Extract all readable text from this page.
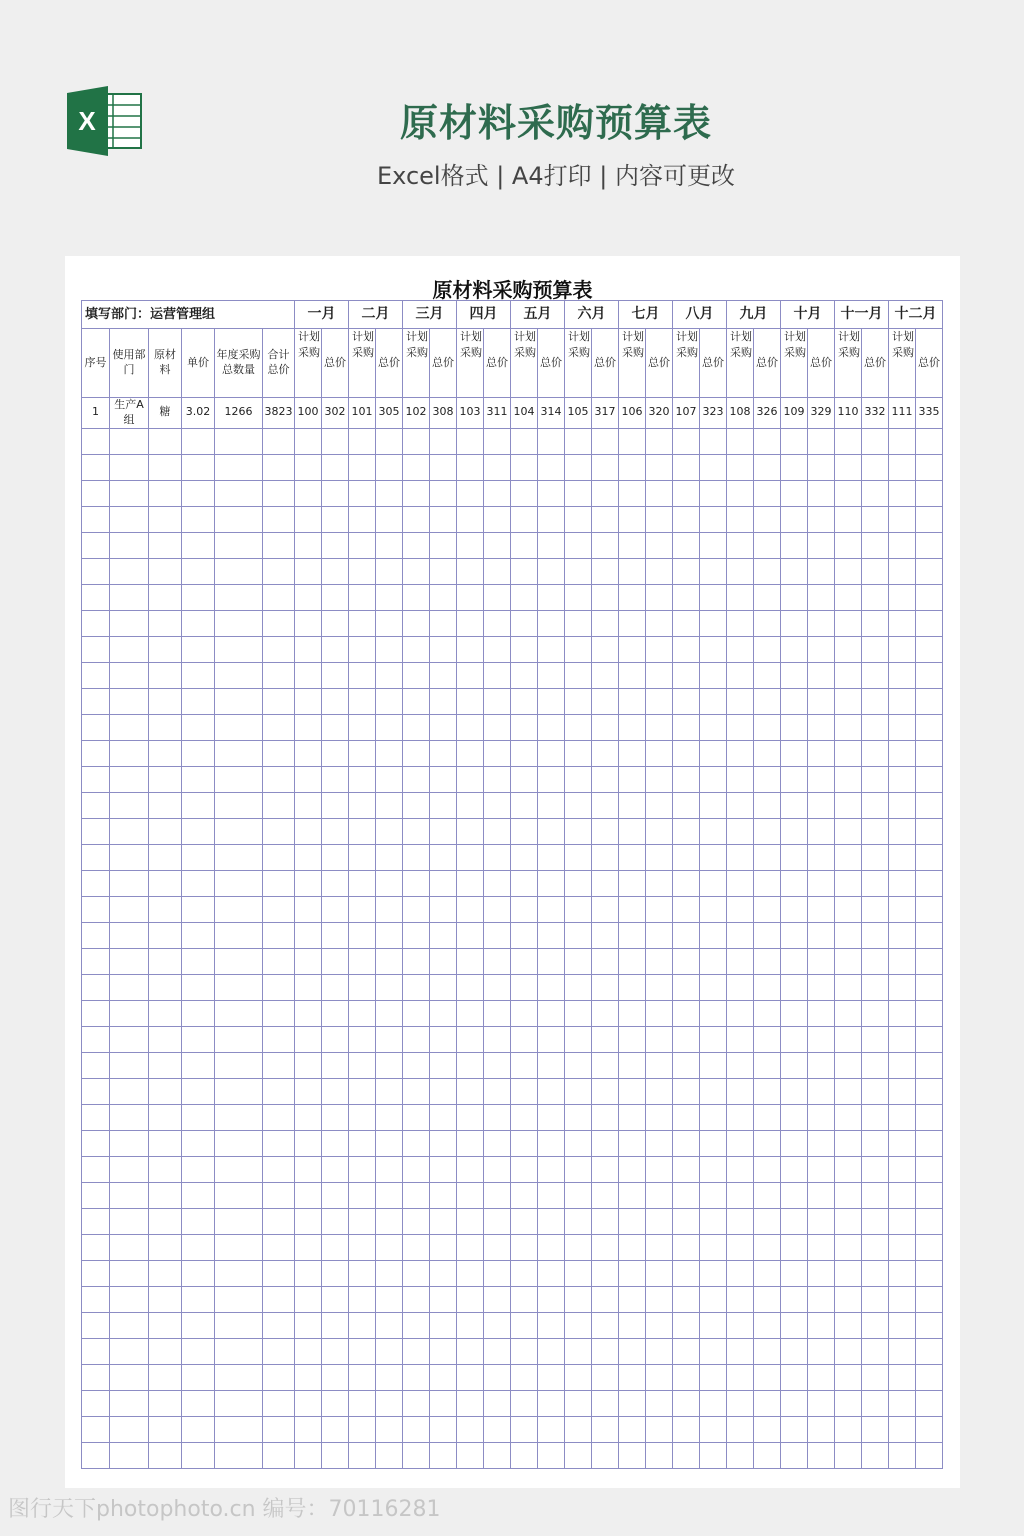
X	原材料采购预算表
Excel格式 | A4打印 | 内容可更改
原材料采购预算表
填写部门：运营管理组						一月		二月		三月		四月		五月		六月		七月		八月		九月		十月		十一月		十二月	
序号	使用部门	原材料	单价	年度采购总数量	合计总价	计划采购	总价	计划采购	总价	计划采购	总价	计划采购	总价	计划采购	总价	计划采购	总价	计划采购	总价	计划采购	总价	计划采购	总价	计划采购	总价	计划采购	总价	计划采购	总价
1	生产A组	糖	3.02	1266	3823	100	302	101	305	102	308	103	311	104	314	105	317	106	320	107	323	108	326	109	329	110	332	111	335

图行天下photophoto.cn 编号：70116281
